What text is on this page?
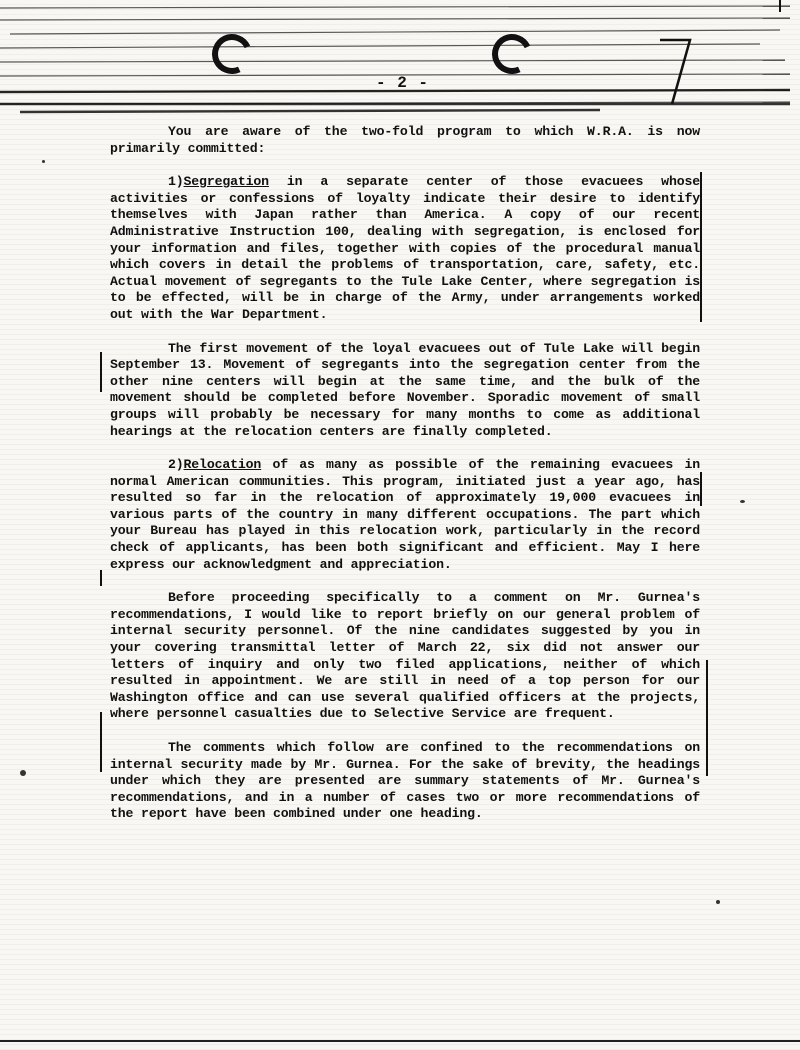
- 2 -

You are aware of the two-fold program to which W.R.A. is now primarily committed:

1)Segregation in a separate center of those evacuees whose activities or confessions of loyalty indicate their desire to identify themselves with Japan rather than America. A copy of our recent Administrative Instruction 100, dealing with segregation, is enclosed for your information and files, together with copies of the procedural manual which covers in detail the problems of transportation, care, safety, etc. Actual movement of segregants to the Tule Lake Center, where segregation is to be effected, will be in charge of the Army, under arrangements worked out with the War Department.

The first movement of the loyal evacuees out of Tule Lake will begin September 13. Movement of segregants into the segregation center from the other nine centers will begin at the same time, and the bulk of the movement should be completed before November. Sporadic movement of small groups will probably be necessary for many months to come as additional hearings at the relocation centers are finally completed.

2)Relocation of as many as possible of the remaining evacuees in normal American communities. This program, initiated just a year ago, has resulted so far in the relocation of approximately 19,000 evacuees in various parts of the country in many different occupations. The part which your Bureau has played in this relocation work, particularly in the record check of applicants, has been both significant and efficient. May I here express our acknowledgment and appreciation.

Before proceeding specifically to a comment on Mr. Gurnea's recommendations, I would like to report briefly on our general problem of internal security personnel. Of the nine candidates suggested by you in your covering transmittal letter of March 22, six did not answer our letters of inquiry and only two filed applications, neither of which resulted in appointment. We are still in need of a top person for our Washington office and can use several qualified officers at the projects, where personnel casualties due to Selective Service are frequent.

The comments which follow are confined to the recommendations on internal security made by Mr. Gurnea. For the sake of brevity, the headings under which they are presented are summary statements of Mr. Gurnea's recommendations, and in a number of cases two or more recommendations of the report have been combined under one heading.
